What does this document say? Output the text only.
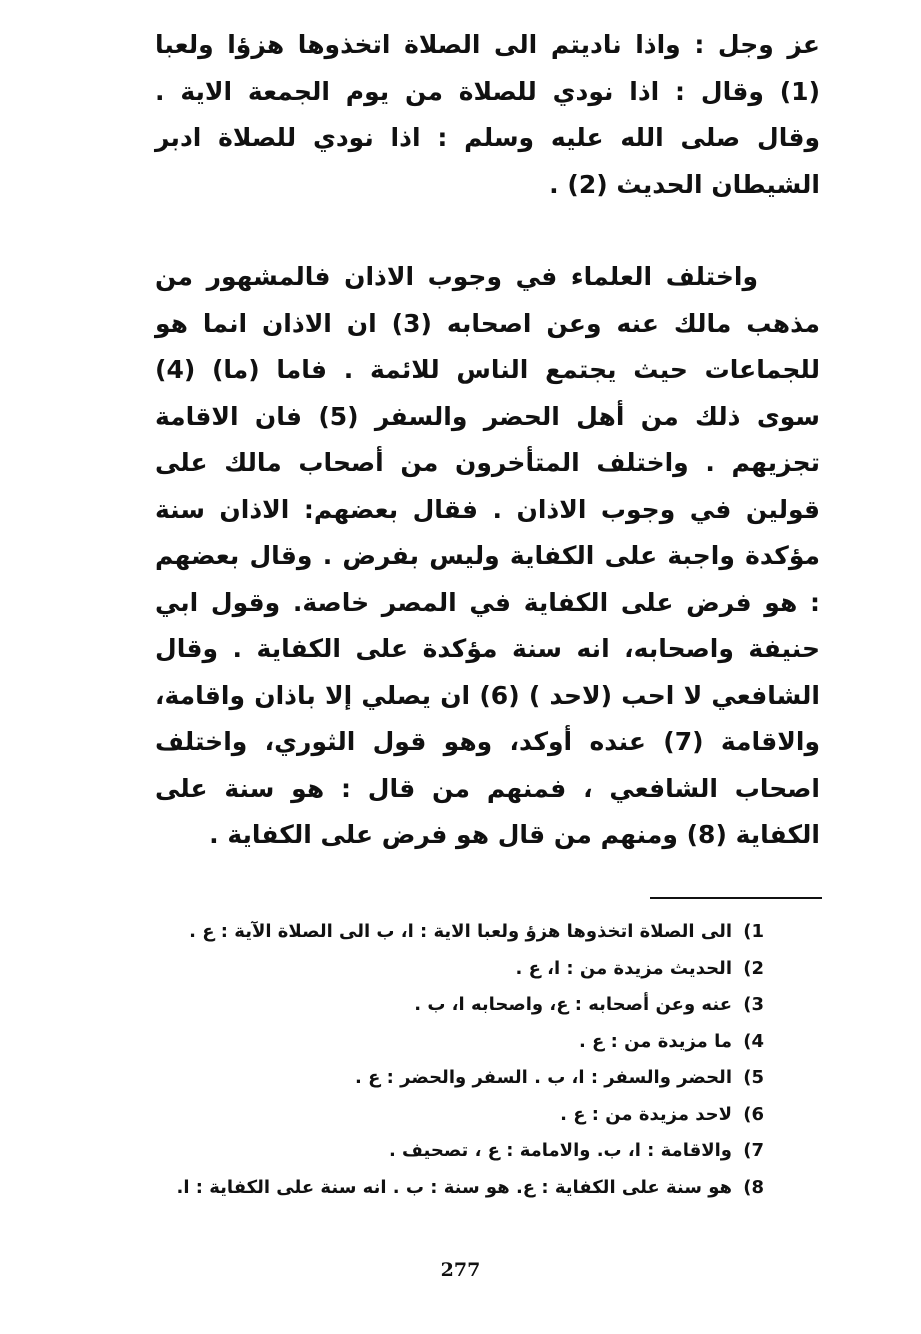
عز وجل : واذا ناديتم الى الصلاة اتخذوها هزؤا ولعبا (1) وقال : اذا نودي للصلاة من يوم الجمعة الاية . وقال صلى الله عليه وسلم : اذا نودي للصلاة ادبر الشيطان الحديث (2) .

واختلف العلماء في وجوب الاذان فالمشهور من مذهب مالك عنه وعن اصحابه (3) ان الاذان انما هو للجماعات حيث يجتمع الناس للائمة . فاما (ما) (4) سوى ذلك من أهل الحضر والسفر (5) فان الاقامة تجزيهم . واختلف المتأخرون من أصحاب مالك على قولين في وجوب الاذان . فقال بعضهم: الاذان سنة مؤكدة واجبة على الكفاية وليس بفرض . وقال بعضهم : هو فرض على الكفاية في المصر خاصة. وقول ابي حنيفة واصحابه، انه سنة مؤكدة على الكفاية . وقال الشافعي لا احب (لاحد ) (6) ان يصلي إلا باذان واقامة، والاقامة (7) عنده أوكد، وهو قول الثوري، واختلف اصحاب الشافعي ، فمنهم من قال : هو سنة على الكفاية (8) ومنهم من قال هو فرض على الكفاية .

1)الى الصلاة اتخذوها هزؤ ولعبا الاية : ا، ب الى الصلاة الآية : ع .
2)الحديث مزيدة من : ا، ع .
3)عنه وعن أصحابه : ع، واصحابه ا، ب .
4)ما مزيدة من : ع .
5)الحضر والسفر : ا، ب . السفر والحضر : ع .
6)لاحد مزيدة من : ع .
7)والاقامة : ا، ب. والامامة : ع ، تصحيف .
8)هو سنة على الكفاية : ع. هو سنة : ب . انه سنة على الكفاية : ا.
277
